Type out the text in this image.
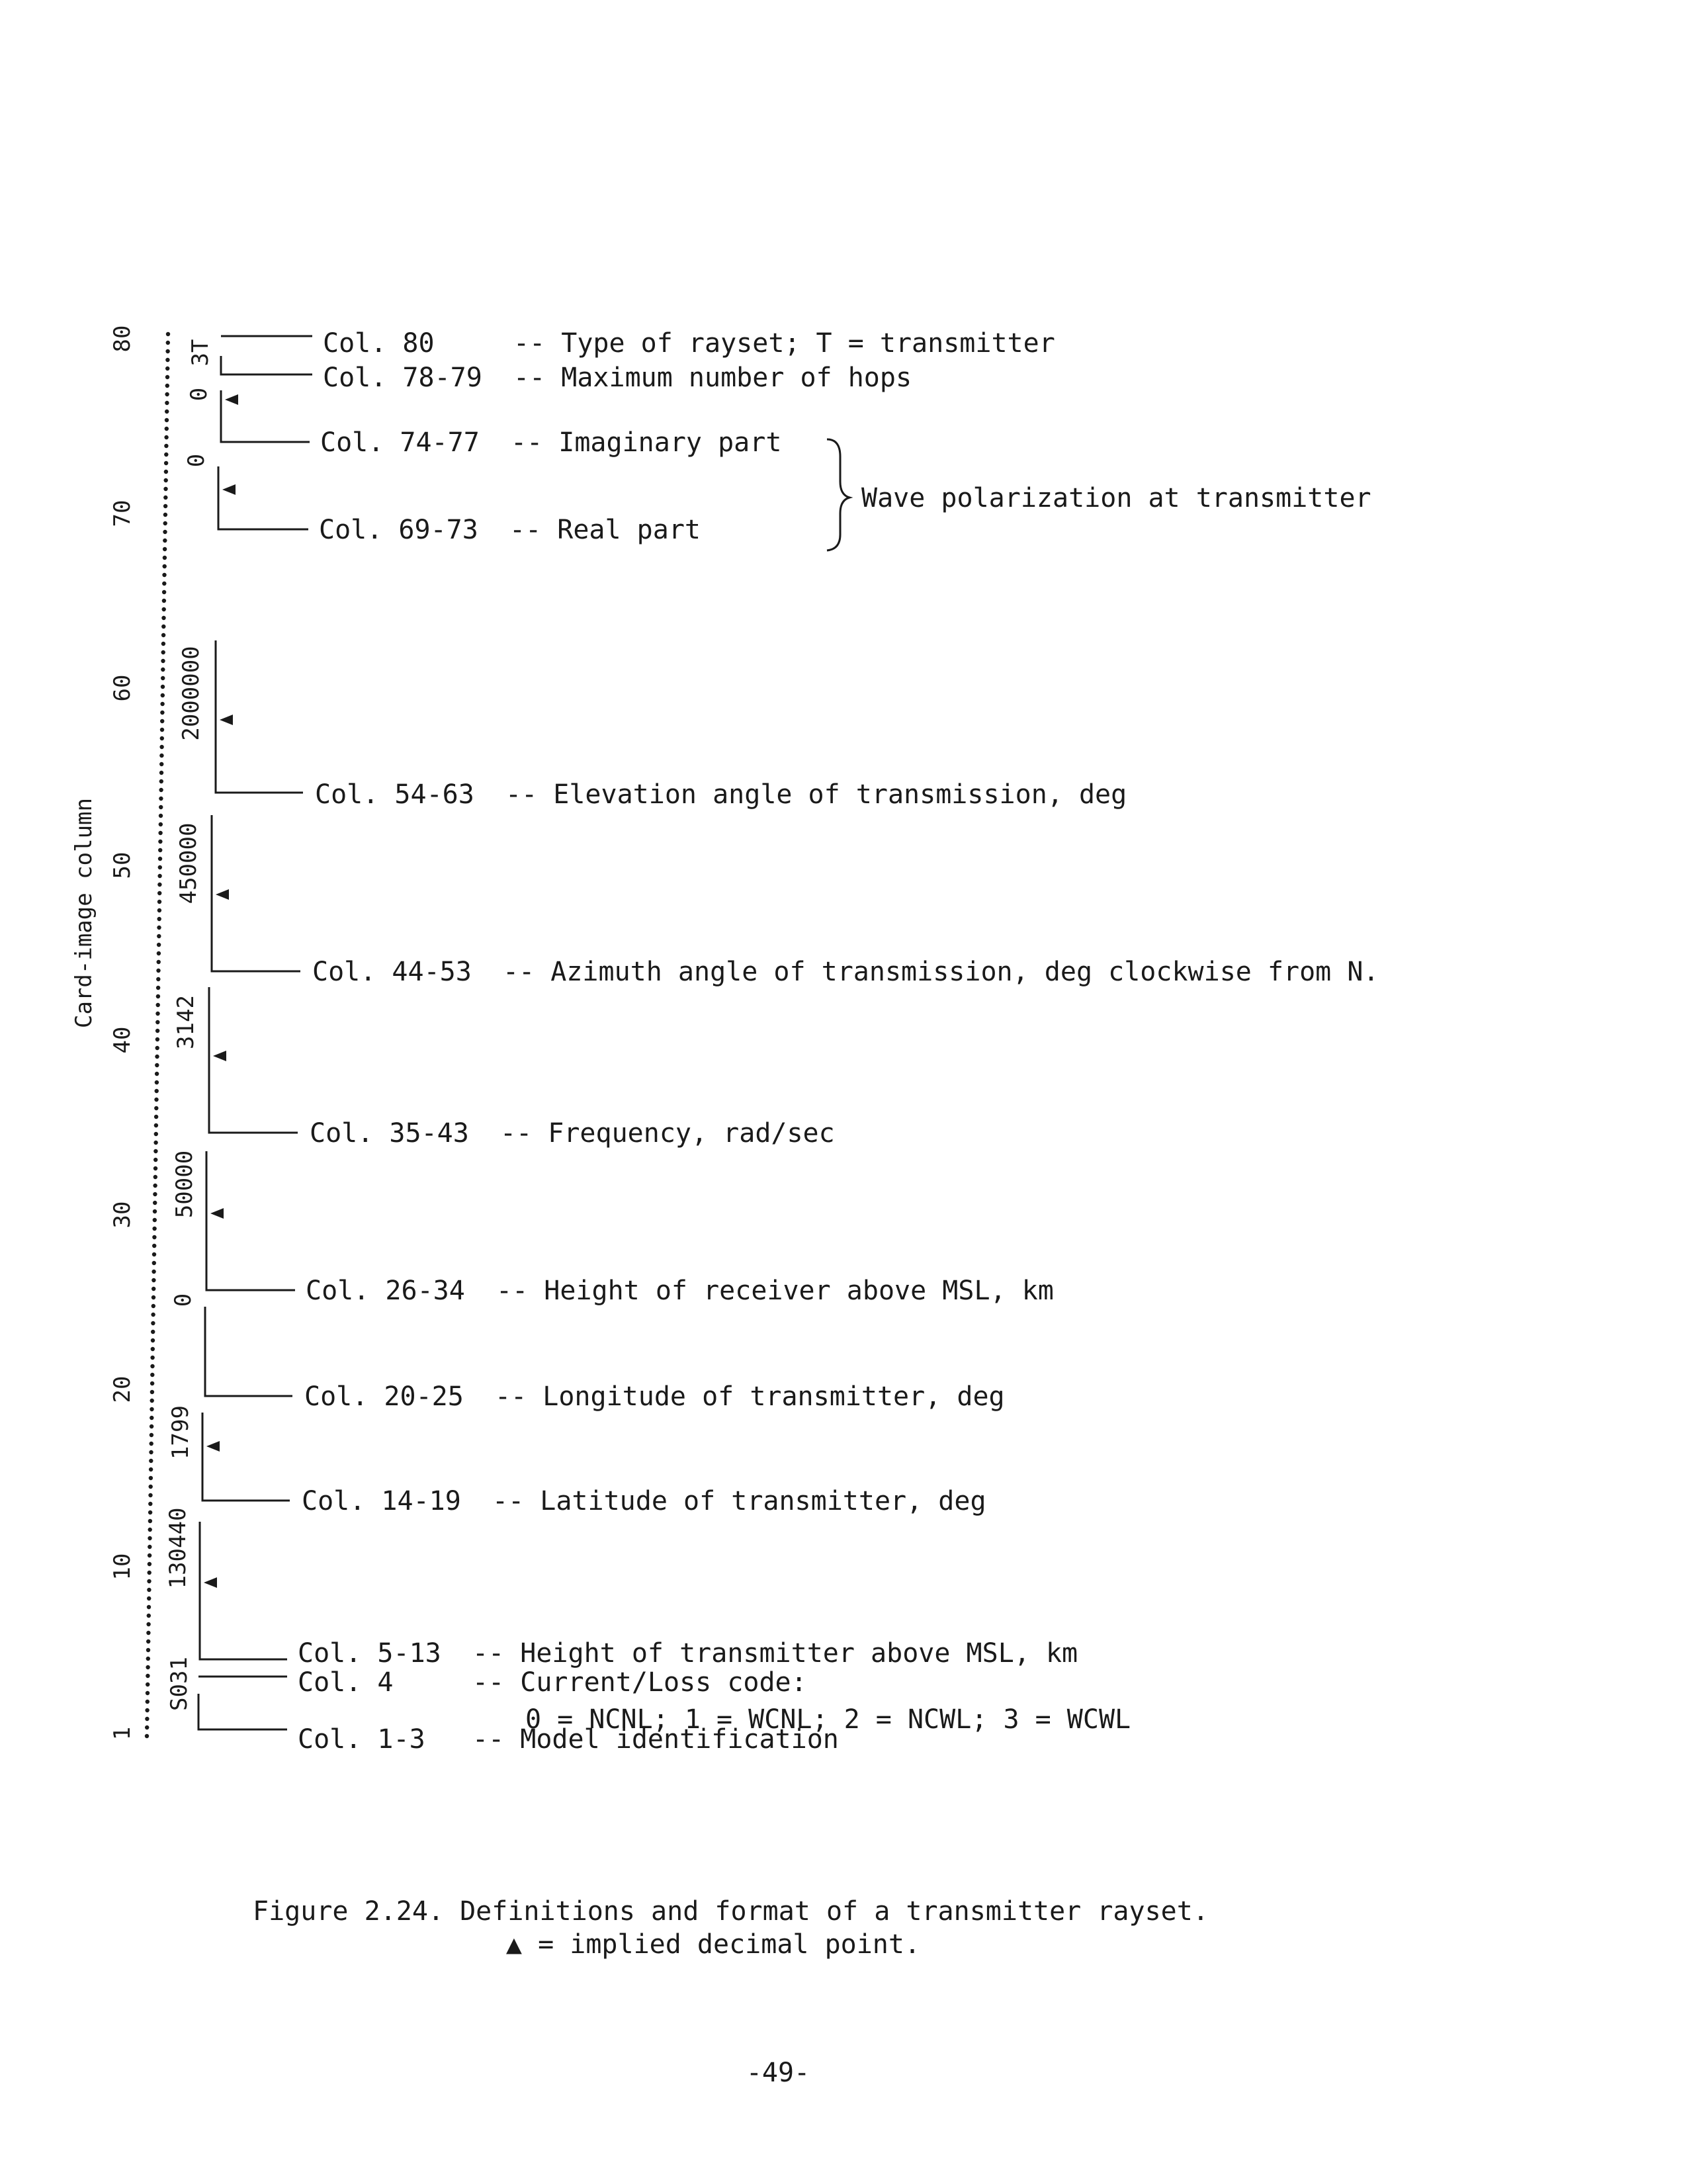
Card-image column
1
10
20
30
40
50
60
70
80
S031
130440
1799
0
50000
3142
450000
2000000
0
0
3T	Col. 80	-- Type of rayset; T = transmitter
Col. 78-79 -- Maximum number of hops
Col. 74-77 -- Imaginary part
Col. 69-73 -- Real part
Col. 54-63 -- Elevation angle of transmission, deg
Col. 44-53 -- Azimuth angle of transmission, deg clockwise from N.
Col. 35-43 -- Frequency, rad/sec
Col. 26-34 -- Height of receiver above MSL, km
Col. 20-25 -- Longitude of transmitter, deg
Col. 14-19 -- Latitude of transmitter, deg
Col. 5-13 -- Height of transmitter above MSL, km
Col. 4	-- Current/Loss code:
0 = NCNL; 1 = WCNL; 2 = NCWL; 3 = WCWL
Col. 1-3 -- Model identification
Wave polarization at transmitter
Figure 2.24. Definitions and format of a transmitter rayset.
▲ = implied decimal point.
-49-
